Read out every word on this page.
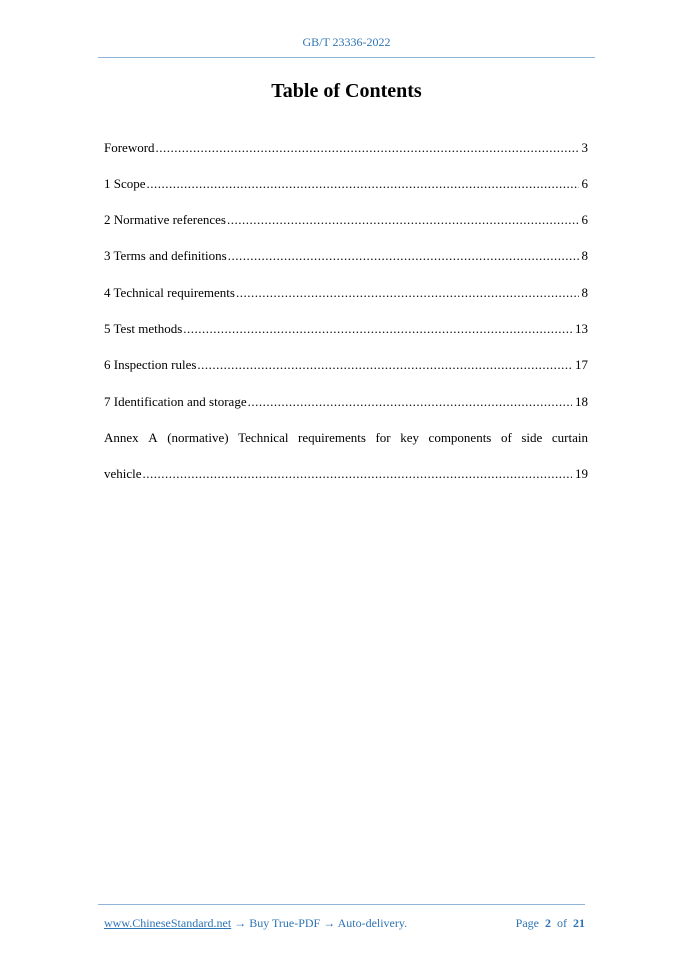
GB/T 23336-2022
Table of Contents
Foreword .....	3
1 Scope .....	6
2 Normative references .....	6
3 Terms and definitions .....	8
4 Technical requirements .....	8
5 Test methods .....	13
6 Inspection rules .....	17
7 Identification and storage .....	18
Annex A (normative) Technical requirements for key components of side curtain
vehicle .....	19
www.ChineseStandard.net → Buy True-PDF → Auto-delivery.	Page 2 of 21
